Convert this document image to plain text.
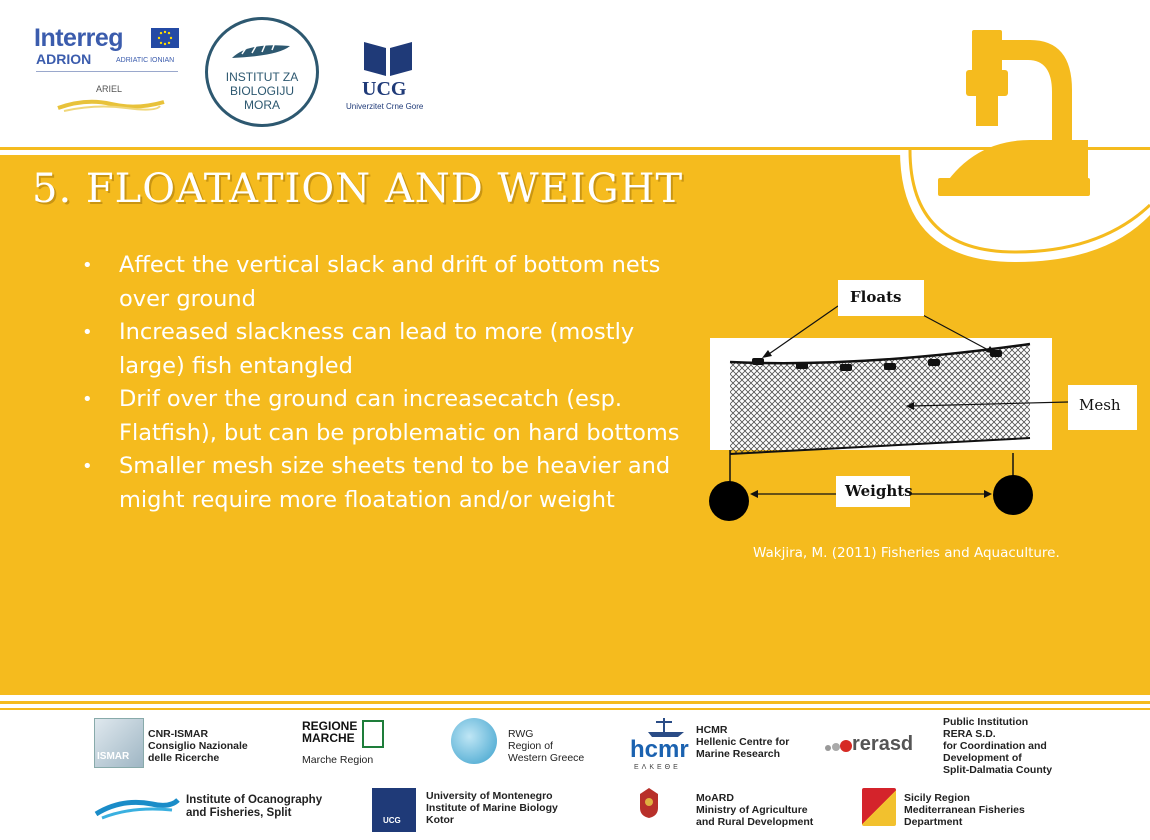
Interreg
ADRION	ADRIATIC IONIAN
ARIEL
INSTITUT ZA
BIOLOGIJU
MORA
UCG
Univerzitet Crne Gore
5. FLOATATION AND WEIGHT
• Affect the vertical slack and drift of bottom nets over ground
• Increased slackness can lead to more (mostly large) fish entangled
• Drif over the ground can increasecatch (esp. Flatfish), but can be problematic on hard bottoms
• Smaller mesh size sheets tend to be heavier and might require more floatation and/or weight
Floats
Mesh
Weights
Wakjira, M. (2011) Fisheries and Aquaculture.
ISMAR
CNR-ISMAR
Consiglio Nazionale
delle Ricerche
REGIONE
MARCHE
Marche Region
RWG
Region of
Western Greece hcmr
ΕΛΚΕΘΕ
HCMR
Hellenic Centre for
Marine Research	rerasd
Public Institution
RERA S.D.
for Coordination and
Development of
Split-Dalmatia County
Institute of Ocanography
and Fisheries, Split
UCG
University of Montenegro
Institute of Marine Biology
Kotor
MoARD
Ministry of Agriculture
and Rural Development
Sicily Region
Mediterranean Fisheries
Department
